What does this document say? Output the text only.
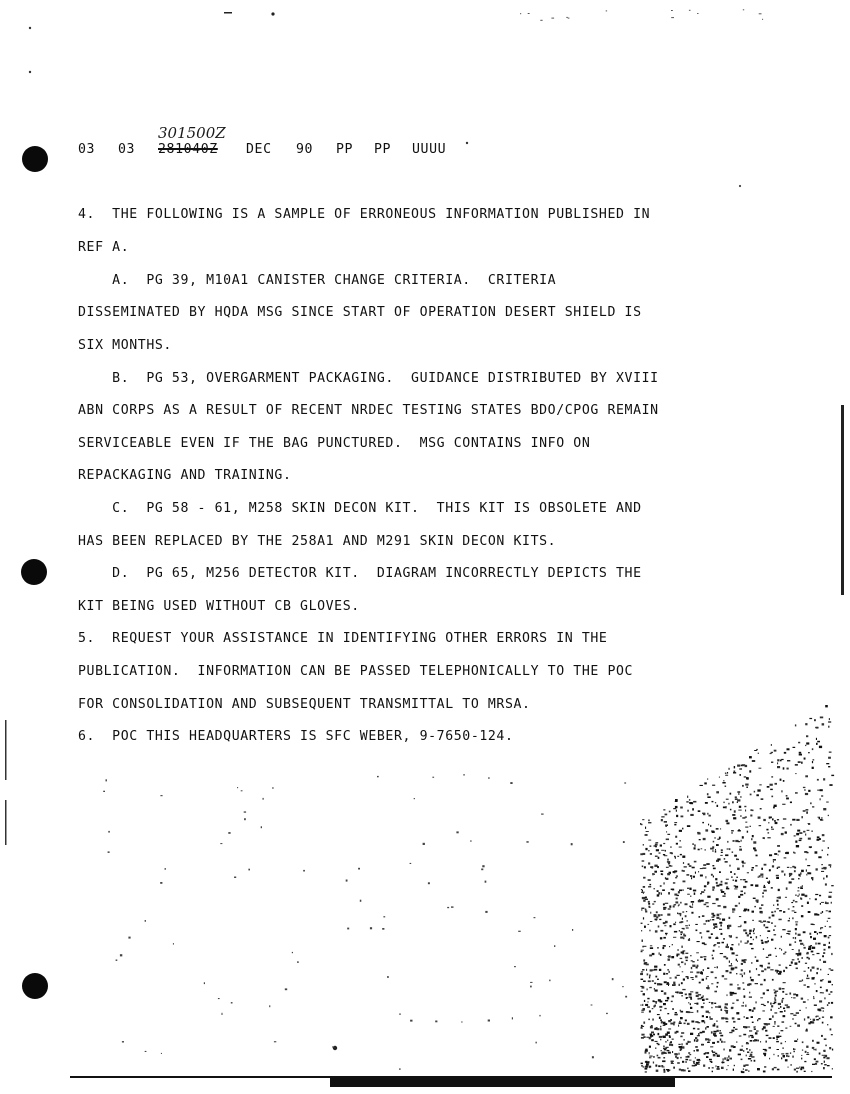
03 03
301500Z
281040Z DEC 90 PP PP UUUU
4.  THE FOLLOWING IS A SAMPLE OF ERRONEOUS INFORMATION PUBLISHED IN
REF A.
A.  PG 39, M10A1 CANISTER CHANGE CRITERIA.  CRITERIA
DISSEMINATED BY HQDA MSG SINCE START OF OPERATION DESERT SHIELD IS
SIX MONTHS.
B.  PG 53, OVERGARMENT PACKAGING.  GUIDANCE DISTRIBUTED BY XVIII
ABN CORPS AS A RESULT OF RECENT NRDEC TESTING STATES BDO/CPOG REMAIN
SERVICEABLE EVEN IF THE BAG PUNCTURED.  MSG CONTAINS INFO ON
REPACKAGING AND TRAINING.
C.  PG 58 - 61, M258 SKIN DECON KIT.  THIS KIT IS OBSOLETE AND
HAS BEEN REPLACED BY THE 258A1 AND M291 SKIN DECON KITS.
D.  PG 65, M256 DETECTOR KIT.  DIAGRAM INCORRECTLY DEPICTS THE
KIT BEING USED WITHOUT CB GLOVES.
5.  REQUEST YOUR ASSISTANCE IN IDENTIFYING OTHER ERRORS IN THE
PUBLICATION.  INFORMATION CAN BE PASSED TELEPHONICALLY TO THE POC
FOR CONSOLIDATION AND SUBSEQUENT TRANSMITTAL TO MRSA.
6.  POC THIS HEADQUARTERS IS SFC WEBER, 9-7650-124.
